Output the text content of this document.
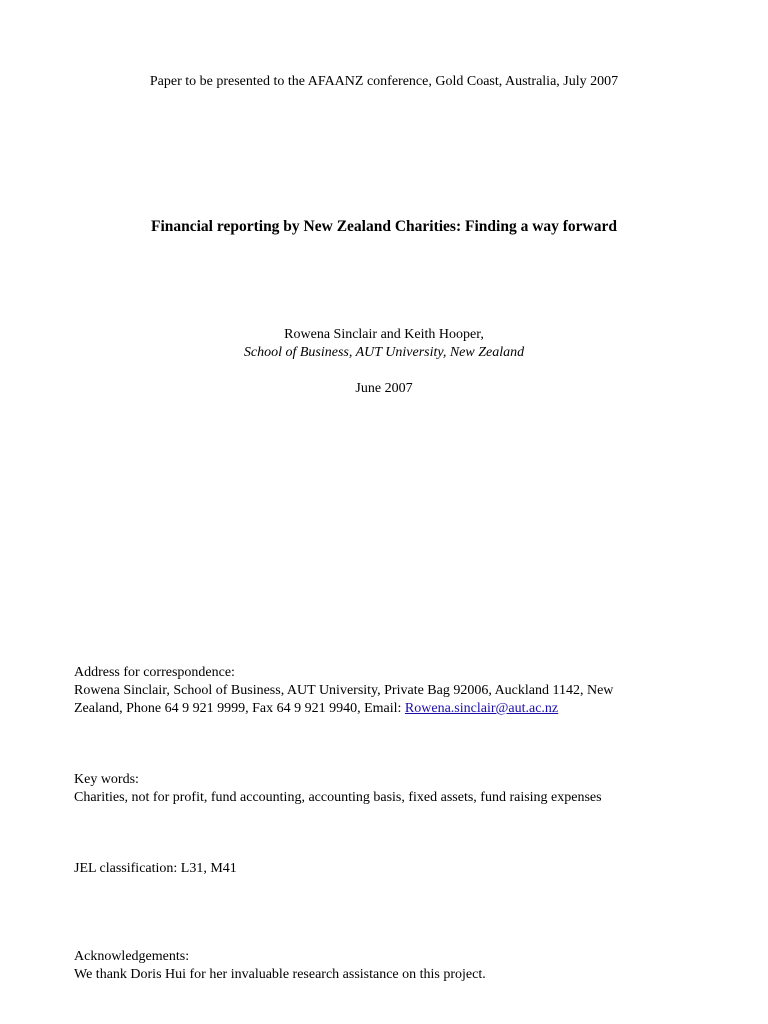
Paper to be presented to the AFAANZ conference, Gold Coast, Australia, July 2007
Financial reporting by New Zealand Charities: Finding a way forward
Rowena Sinclair and Keith Hooper,
School of Business, AUT University, New Zealand
June 2007
Address for correspondence:
Rowena Sinclair, School of Business, AUT University, Private Bag 92006, Auckland 1142, New
Zealand, Phone 64 9 921 9999, Fax 64 9 921 9940, Email: Rowena.sinclair@aut.ac.nz
Key words:
Charities, not for profit, fund accounting, accounting basis, fixed assets, fund raising expenses
JEL classification: L31, M41
Acknowledgements:
We thank Doris Hui for her invaluable research assistance on this project.
